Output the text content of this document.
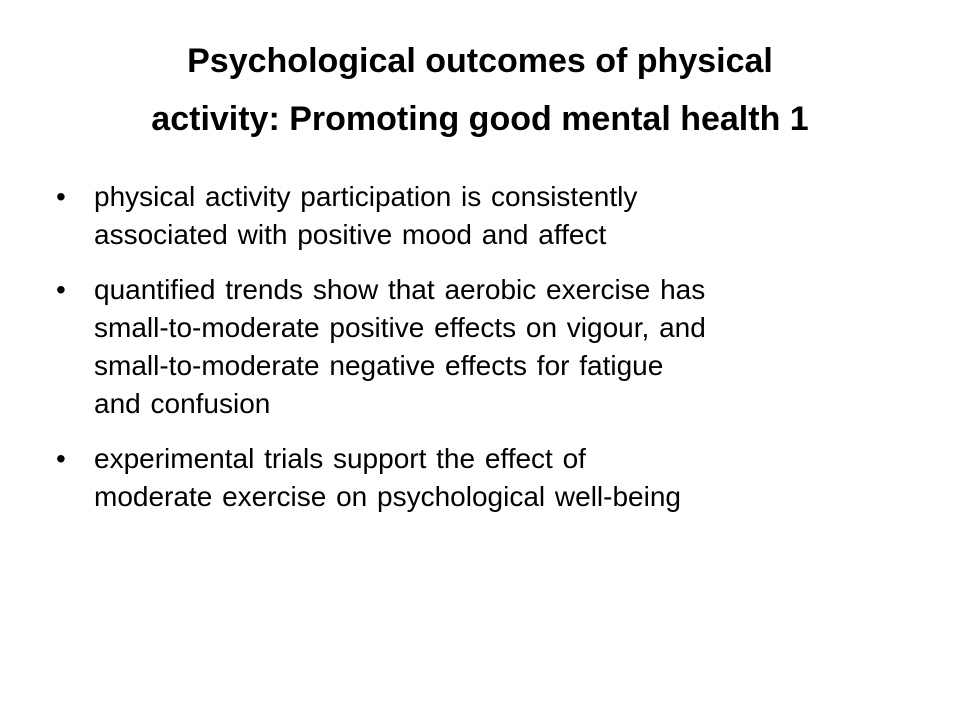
Psychological outcomes of physical
activity: Promoting good mental health 1
•	physical activity participation is consistently
associated with positive mood and affect
•	quantified trends show that aerobic exercise has
small-to-moderate positive effects on vigour, and
small-to-moderate negative effects for fatigue
and confusion
•	experimental trials support the effect of
moderate exercise on psychological well-being
